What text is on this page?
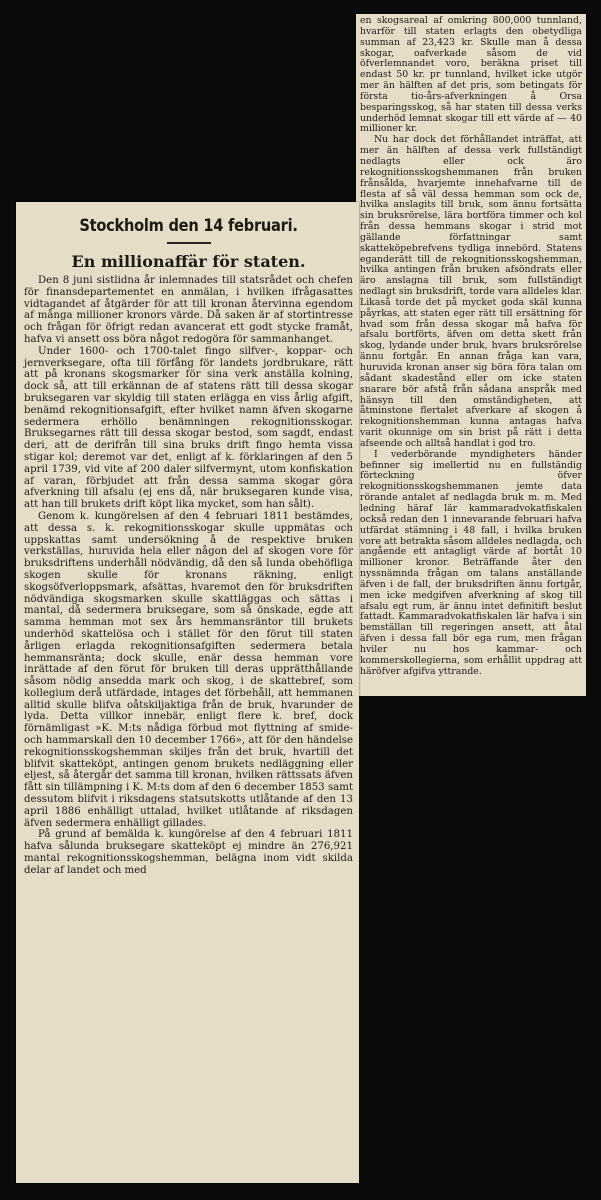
en skogsareal af omkring 800,000 tunnland, hvarför till staten erlagts den obetydliga summan af 23,423 kr. Skulle man å dessa skogar, oafverkade såsom de vid öfverlemnandet voro, beräkna priset till endast 50 kr. pr tunnland, hvilket icke utgör mer än hälften af det pris, som betingats för första tio-års-afverkningen å Orsa besparingsskog, så har staten till dessa verks underhöd lemnat skogar till ett värde af — 40 millioner kr.

Nu har dock det förhållandet inträffat, att mer än hälften af dessa verk fullständigt nedlagts eller ock äro rekognitionsskogshemmanen från bruken frånsålda, hvarjemte innehafvarne till de flesta af så väl dessa hemman som ock de, hvilka anslagits till bruk, som ännu fortsätta sin bruksrörelse, lära bortföra timmer och kol från dessa hemmans skogar i strid mot gällande författningar samt skatteköpebrefvens tydliga innebörd. Statens eganderätt till de rekognitionsskogshemman, hvilka antingen från bruken afsöndrats eller äro anslagna till bruk, som fullständigt nedlagt sin bruksdrift, torde vara alldeles klar. Likaså torde det på mycket goda skäl kunna påyrkas, att staten eger rätt till ersättning för hvad som från dessa skogar må hafva för afsalu bortförts, äfven om detta skett från skog, lydande under bruk, hvars bruksrörelse ännu fortgår. En annan fråga kan vara, huruvida kronan anser sig böra föra talan om sådant skadestånd eller om icke staten snarare bör afstå från sådana anspråk med hänsyn till den omständigheten, att åtminstone flertalet afverkare af skogen å rekognitionshemman kunna antagas hafva varit okunnige om sin brist på rätt i detta afseende och alltså handlat i god tro.

I vederbörande myndigheters händer befinner sig imellertid nu en fullständig förteckning öfver rekognitionsskogshemmanen jemte data rörande antalet af nedlagda bruk m. m. Med ledning häraf lär kammaradvokatfiskalen också redan den 1 innevarande februari hafva utfärdat stämning i 48 fall, i hvilka bruken vore att betrakta såsom alldeles nedlagda, och angående ett antagligt värde af bortåt 10 millioner kronor. Beträffande åter den nyssnämnda frågan om talans anställande äfven i de fall, der bruksdriften ännu fortgår, men icke medgifven afverkning af skog till afsalu egt rum, är ännu intet definitift beslut fattadt. Kammaradvokatfiskalen lär hafva i sin bemställan till regeringen ansett, att åtal äfven i dessa fall bör ega rum, men frågan hviler nu hos kammar- och kommerskollegierna, som erhållit uppdrag att häröfver afgifva yttrande.

Stockholm den 14 februari.
En millionaffär för staten.

Den 8 juni sistlidna år inlemnades till statsrådet och chefen för finansdepartementet en anmälan, i hvilken ifrågasattes vidtagandet af åtgärder för att till kronan återvinna egendom af många millioner kronors värde. Då saken är af stortintresse och frågan för öfrigt redan avancerat ett godt stycke framåt, hafva vi ansett oss böra något redogöra för sammanhanget.

Under 1600- och 1700-talet fingo silfver-, koppar- och jernverksegare, ofta till förfång för landets jordbrukare, rätt att på kronans skogsmarker för sina verk anställa kolning, dock så, att till erkännan de af statens rätt till dessa skogar bruksegaren var skyldig till staten erlägga en viss årlig afgift, benämd rekognitionsafgift, efter hvilket namn äfven skogarne sedermera erhöllo benämningen rekognitionsskogar. Bruksegarnes rätt till dessa skogar bestod, som sagdt, endast deri, att de derifrån till sina bruks drift fingo hemta vissa stigar kol; deremot var det, enligt af k. förklaringen af den 5 april 1739, vid vite af 200 daler silfvermynt, utom konfiskation af varan, förbjudet att från dessa samma skogar göra afverkning till afsalu (ej ens då, när bruksegaren kunde visa, att han till brukets drift köpt lika mycket, som han sålt).

Genom k. kungörelsen af den 4 februari 1811 bestämdes, att dessa s. k. rekognitionsskogar skulle uppmätas och uppskattas samt undersökning å de respektive bruken verkställas, huruvida hela eller någon del af skogen vore för bruksdriftens underhåll nödvändig, då den så lunda obehöfliga skogen skulle för kronans räkning, enligt skogsöfverloppsmark, afsättas, hvaremot den för bruksdriften nödvändiga skogsmarken skulle skattläggas och sättas i mantal, då sedermera bruksegare, som så önskade, egde att samma hemman mot sex års hemmansräntor till brukets underhöd skattelösa och i stället för den förut till staten årligen erlagda rekognitionsafgiften sedermera betala hemmansränta; dock skulle, enär dessa hemman vore inrättade af den förut för bruken till deras upprätthållande såsom nödig ansedda mark och skog, i de skattebref, som kollegium derå utfärdade, intages det förbehåll, att hemmanen alltid skulle blifva oåtskiljaktiga från de bruk, hvarunder de lyda. Detta villkor innebär, enligt flere k. bref, dock förnämligast »K. M:ts nådiga förbud mot flyttning af smide- och hammarskall den 10 december 1766», att för den händelse rekognitionsskogshemman skiljes från det bruk, hvartill det blifvit skatteköpt, antingen genom brukets nedläggning eller eljest, så återgår det samma till kronan, hvilken rättssats äfven fått sin tillämpning i K. M:ts dom af den 6 december 1853 samt dessutom blifvit i riksdagens statsutskotts utlåtande af den 13 april 1886 enhälligt uttalad, hvilket utlåtande af riksdagen äfven sedermera enhälligt gillades.

På grund af bemälda k. kungörelse af den 4 februari 1811 hafva sålunda bruksegare skatteköpt ej mindre än 276,921 mantal rekognitionsskogshemman, belägna inom vidt skilda delar af landet och med
